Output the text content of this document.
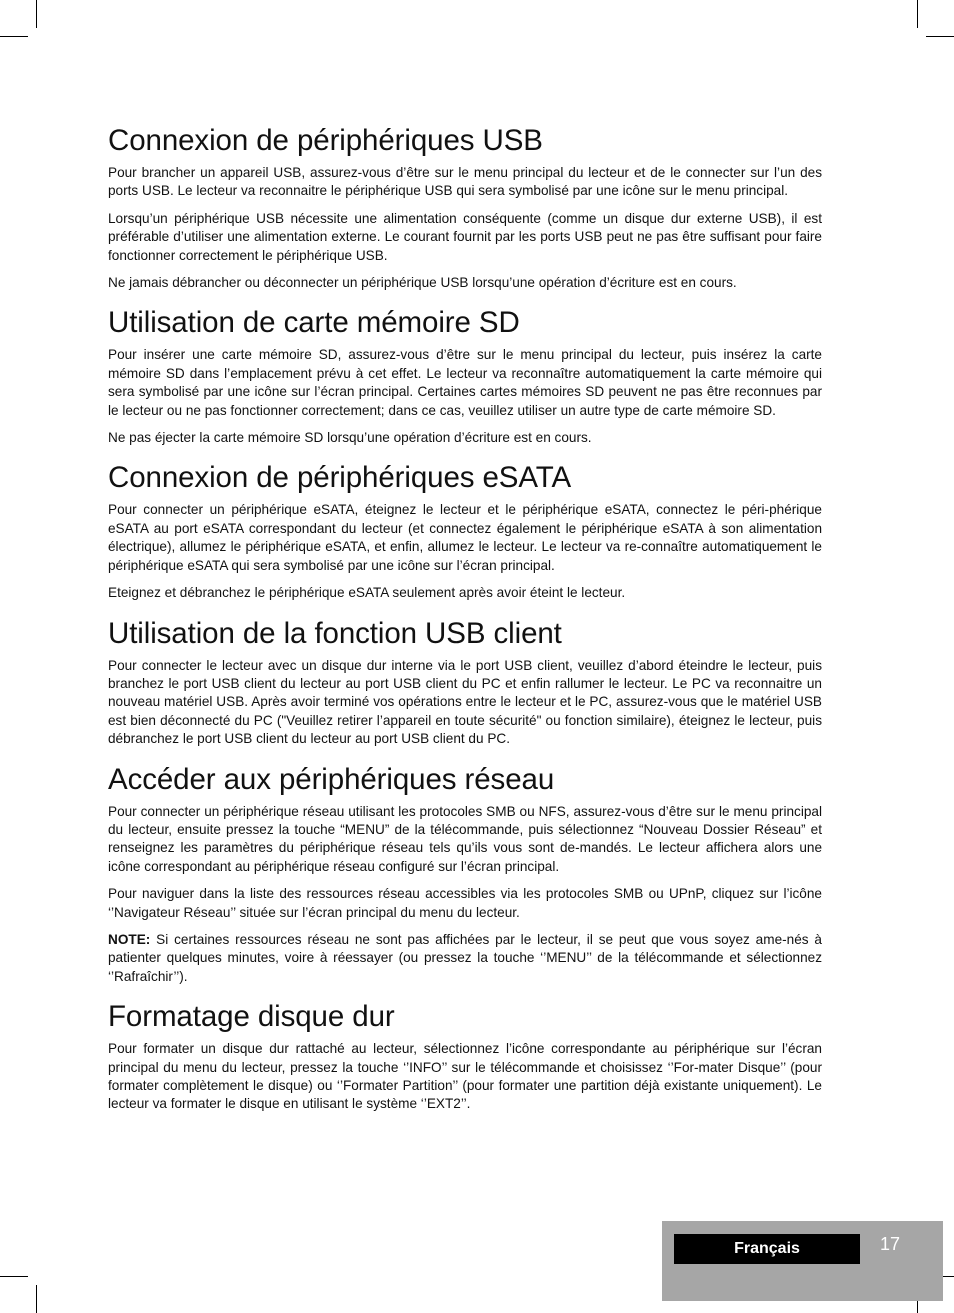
Connexion de périphériques USB

Pour brancher un appareil USB, assurez-vous d’être sur le menu principal du lecteur et de le connecter sur l’un des ports USB. Le lecteur va reconnaitre le périphérique USB qui sera symbolisé par une icône sur le menu principal.

Lorsqu’un périphérique USB nécessite une alimentation conséquente (comme un disque dur externe USB), il est préférable d’utiliser une alimentation externe. Le courant fournit par les ports USB peut ne pas être suffisant pour faire fonctionner correctement le périphérique USB.

Ne jamais débrancher ou déconnecter un périphérique USB lorsqu’une opération d’écriture est en cours.

Utilisation de carte mémoire SD

Pour insérer une carte mémoire SD, assurez-vous d’être sur le menu principal du lecteur, puis insérez la carte mémoire SD dans l’emplacement prévu à cet effet. Le lecteur va reconnaître automatiquement la carte mémoire qui sera symbolisé par une icône sur l’écran principal. Certaines cartes mémoires SD peuvent ne pas être reconnues par le lecteur ou ne pas fonctionner correctement; dans ce cas, veuillez utiliser un autre type de carte mémoire SD.

Ne pas éjecter la carte mémoire SD lorsqu’une opération d’écriture est en cours.

Connexion de périphériques eSATA

Pour connecter un périphérique eSATA, éteignez le lecteur et le périphérique eSATA, connectez le péri-phérique eSATA au port eSATA correspondant du lecteur (et connectez également le périphérique eSATA à son alimentation électrique), allumez le périphérique eSATA, et enfin, allumez le lecteur. Le lecteur va re-connaître automatiquement le périphérique eSATA qui sera symbolisé par une icône sur l’écran principal.

Eteignez et débranchez le périphérique eSATA seulement après avoir éteint le lecteur.

Utilisation de la fonction USB client

Pour connecter le lecteur avec un disque dur interne via le port USB client, veuillez d’abord éteindre le lecteur, puis branchez le port USB client du lecteur au port USB client du PC et enfin rallumer le lecteur. Le PC va reconnaitre un nouveau matériel USB. Après avoir terminé vos opérations entre le lecteur et le PC, assurez-vous que le matériel USB est bien déconnecté du PC ("Veuillez retirer l’appareil en toute sécurité" ou fonction similaire), éteignez le lecteur, puis débranchez le port USB client du lecteur au port USB client du PC.

Accéder aux périphériques réseau

Pour connecter un périphérique réseau utilisant les protocoles SMB ou NFS, assurez-vous d’être sur le menu principal du lecteur, ensuite pressez la touche “MENU” de la télécommande, puis sélectionnez “Nouveau Dossier Réseau” et renseignez les paramètres du périphérique réseau tels qu’ils vous sont de-mandés. Le lecteur affichera alors une icône correspondant au périphérique réseau configuré sur l’écran principal.

Pour naviguer dans la liste des ressources réseau accessibles via les protocoles SMB ou UPnP, cliquez sur l’icône ‘’Navigateur Réseau’’ située sur l’écran principal du menu du lecteur.

NOTE: Si certaines ressources réseau ne sont pas affichées par le lecteur, il se peut que vous soyez ame-nés à patienter quelques minutes, voire à réessayer (ou pressez la touche ‘’MENU’’ de la télécommande et sélectionnez ‘’Rafraîchir’’).

Formatage disque dur

Pour formater un disque dur rattaché au lecteur, sélectionnez l’icône correspondante au périphérique sur l’écran principal du menu du lecteur, pressez la touche ‘’INFO’’ sur le télécommande et choisissez ‘’For-mater Disque’’ (pour formater complètement le disque) ou ‘’Formater Partition’’ (pour formater une partition déjà existante uniquement). Le lecteur va formater le disque en utilisant le système ‘’EXT2’’.

Français	17
